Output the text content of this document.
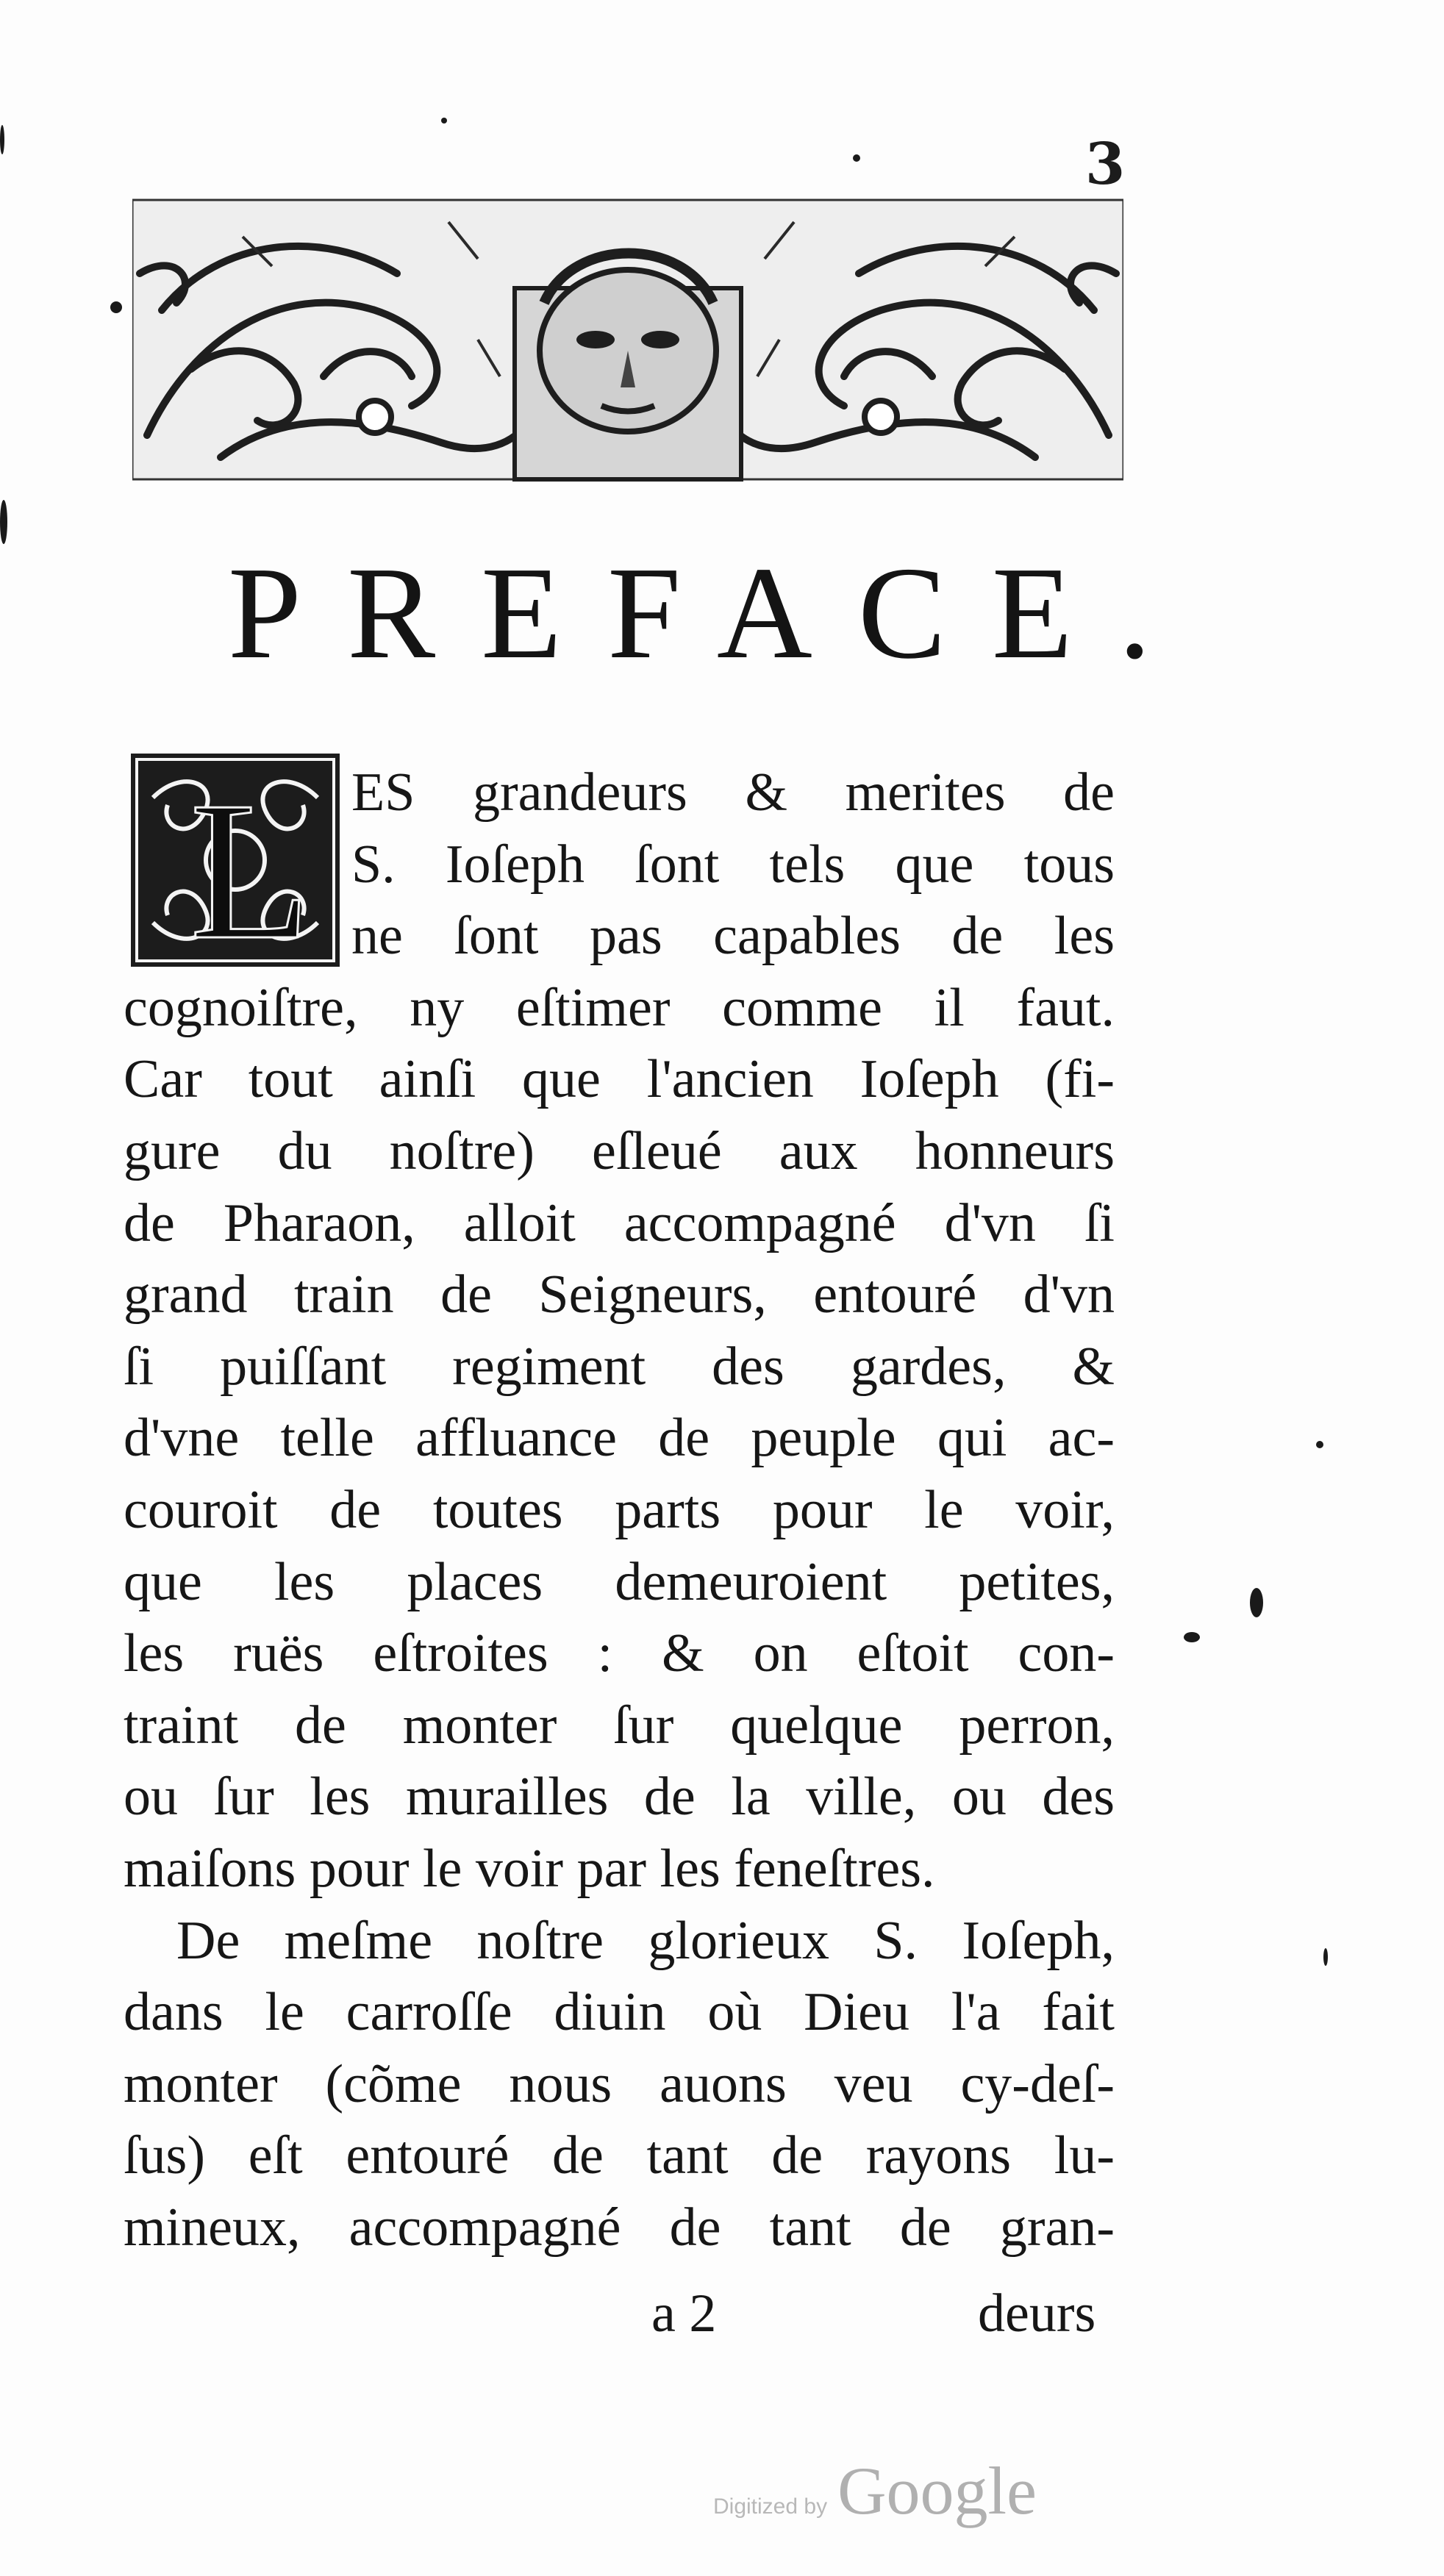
3
PREFACE.
L ES grandeurs & merites de
S. Ioſeph ſont tels que tous
ne ſont pas capables de les
cognoiſtre, ny eſtimer comme il faut.
Car tout ainſi que l'ancien Ioſeph (fi-
gure du noſtre) eſleué aux honneurs
de Pharaon, alloit accompagné d'vn ſi
grand train de Seigneurs, entouré d'vn
ſi puiſſant regiment des gardes, &
d'vne telle affluance de peuple qui ac-
couroit de toutes parts pour le voir,
que les places demeuroient petites,
les ruës eſtroites : & on eſtoit con-
traint de monter ſur quelque perron,
ou ſur les murailles de la ville, ou des
maiſons pour le voir par les feneſtres.
De meſme noſtre glorieux S. Ioſeph,
dans le carroſſe diuin où Dieu l'a fait
monter (cõme nous auons veu cy-deſ-
ſus) eſt entouré de tant de rayons lu-
mineux, accompagné de tant de gran-
a 2	deurs
Digitized by Google
